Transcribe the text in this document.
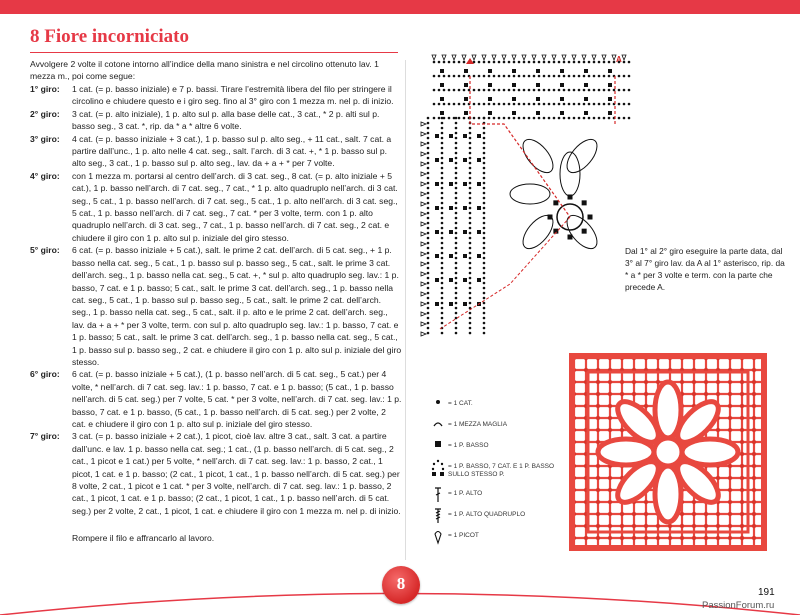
8 Fiore incorniciato

Avvolgere 2 volte il cotone intorno all’indice della mano sinistra e nel circolino ottenuto lav. 1 mezza m., poi come segue:

1° giro:	1 cat. (= p. basso iniziale) e 7 p. bassi. Tirare l’estremità libera del filo per stringere il circolino e chiudere questo e i giro seg. fino al 3° giro con 1 mezza m. nel p. di inizio.
2° giro:	3 cat. (= p. alto iniziale), 1 p. alto sul p. alla base delle cat., 3 cat., * 2 p. alti sul p. basso seg., 3 cat. *, rip. da * a * altre 6 volte.
3° giro:	4 cat. (= p. basso iniziale + 3 cat.), 1 p. basso sul p. alto seg., + 11 cat., salt. 7 cat. a partire dall’unc., 1 p. alto nelle 4 cat. seg., salt. l’arch. di 3 cat. +, * 1 p. basso sul p. alto seg., 3 cat., 1 p. basso sul p. alto seg., lav. da + a + * per 7 volte.
4° giro:	con 1 mezza m. portarsi al centro dell’arch. di 3 cat. seg., 8 cat. (= p. alto iniziale + 5 cat.), 1 p. basso nell’arch. di 7 cat. seg., 7 cat., * 1 p. alto quadruplo nell’arch. di 3 cat. seg., 5 cat., 1 p. basso nell’arch. di 7 cat. seg., 5 cat., 1 p. alto nell’arch. di 3 cat. seg., 5 cat., 1 p. basso nell’arch. di 7 cat. seg., 7 cat. * per 3 volte, term. con 1 p. alto quadruplo nell’arch. di 3 cat. seg., 7 cat., 1 p. basso nell’arch. di 7 cat. seg., 2 cat. e chiudere il giro con 1 p. alto sul p. iniziale del giro stesso.
5° giro:	6 cat. (= p. basso iniziale + 5 cat.), salt. le prime 2 cat. dell’arch. di 5 cat. seg., + 1 p. basso nella cat. seg., 5 cat., 1 p. basso sul p. basso seg., 5 cat., salt. le prime 3 cat. dell’arch. seg., 1 p. basso nella cat. seg., 5 cat. +, * sul p. alto quadruplo seg. lav.: 1 p. basso, 7 cat. e 1 p. basso; 5 cat., salt. le prime 3 cat. dell’arch. seg., 1 p. basso nella cat. seg., 5 cat., 1 p. basso sul p. basso seg., 5 cat., salt. le prime 2 cat. dell’arch. seg., 1 p. basso nella cat. seg., 5 cat., salt. il p. alto e le prime 2 cat. dell’arch. seg., lav. da + a + * per 3 volte, term. con sul p. alto quadruplo seg. lav.: 1 p. basso, 7 cat. e 1 p. basso; 5 cat., salt. le prime 3 cat. dell’arch. seg., 1 p. basso nella cat. seg., 5 cat., 1 p. basso sul p. basso seg., 2 cat. e chiudere il giro con 1 p. alto sul p. iniziale del giro stesso.
6° giro:	6 cat. (= p. basso iniziale + 5 cat.), (1 p. basso nell’arch. di 5 cat. seg., 5 cat.) per 4 volte, * nell’arch. di 7 cat. seg. lav.: 1 p. basso, 7 cat. e 1 p. basso; (5 cat., 1 p. basso nell’arch. di 5 cat. seg.) per 7 volte, 5 cat. * per 3 volte, nell’arch. di 7 cat. seg. lav.: 1 p. basso, 7 cat. e 1 p. basso, (5 cat., 1 p. basso nell’arch. di 5 cat. seg.) per 2 volte, 2 cat. e chiudere il giro con 1 p. alto sul p. iniziale del giro stesso.
7° giro:	3 cat. (= p. basso iniziale + 2 cat.), 1 picot, cioè lav. altre 3 cat., salt. 3 cat. a partire dall’unc. e lav. 1 p. basso nella cat. seg.; 1 cat., (1 p. basso nell’arch. di 5 cat. seg., 2 cat., 1 picot e 1 cat.) per 5 volte, * nell’arch. di 7 cat. seg. lav.: 1 p. basso, 2 cat., 1 picot, 1 cat. e 1 p. basso; (2 cat., 1 picot, 1 cat., 1 p. basso nell’arch. di 5 cat. seg.) per 8 volte, 2 cat., 1 picot e 1 cat. * per 3 volte, nell’arch. di 7 cat. seg. lav.: 1 p. basso, 2 cat., 1 picot, 1 cat. e 1 p. basso; (2 cat., 1 picot, 1 cat., 1 p. basso nell’arch. di 5 cat. seg.) per 2 volte, 2 cat., 1 picot, 1 cat. e chiudere il giro con 1 mezza m. nel p. di inizio.

Rompere il filo e affrancarlo al lavoro.

A

Dal 1° al 2° giro eseguire la parte data, dal 3° al 7° giro lav. da A al 1° asterisco, rip. da * a * per 3 volte e term. con la parte che precede A.

= 1 CAT.
= 1 MEZZA MAGLIA
= 1 P. BASSO
= 1 P. BASSO, 7 CAT. E 1 P. BASSO SULLO STESSO P.
= 1 P. ALTO
= 1 P. ALTO QUADRUPLO
= 1 PICOT
8	191
PassionForum.ru
